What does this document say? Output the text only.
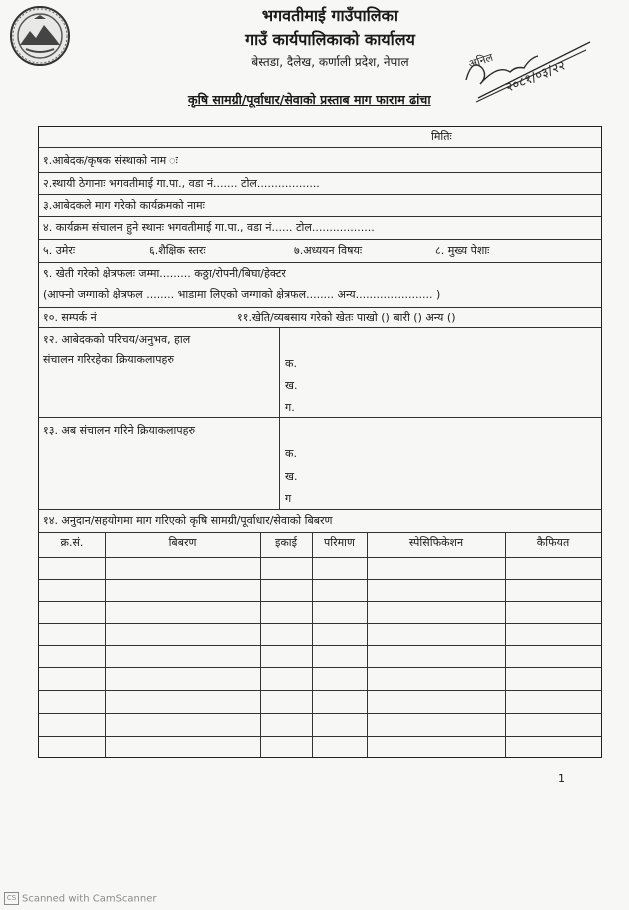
भगवतीमाई गाउँपालिका
गाउँ कार्यपालिकाको कार्यालय
बेस्तडा, दैलेख, कर्णाली प्रदेश, नेपाल
कृषि सामग्री/पूर्वाधार/सेवाको प्रस्ताब माग फाराम ढांचा
२०८१/०३/२२
अनिल
मितिः
१.आबेदक/कृषक संस्थाको नाम ः
२.स्थायी ठेगानाः भगवतीमाई गा.पा., वडा नं....... टोल..................
३.आबेदकले माग गरेको कार्यक्रमको नामः
४. कार्यक्रम संचालन हुने स्थानः भगवतीमाई गा.पा., वडा नं...... टोल..................
५. उमेरः	६.शैक्षिक स्तरः	७.अध्ययन विषयः	८. मुख्य पेशाः
९. खेती गरेको क्षेत्रफलः जम्मा......... कठ्ठा/रोपनी/बिघा/हेक्टर
(आफ्नो जग्गाको क्षेत्रफल ........ भाडामा लिएको जग्गाको क्षेत्रफल........ अन्य...................... )
१०. सम्पर्क नं	११.खेति/व्यबसाय गरेको खेतः पाखो () बारी () अन्य ()
१२. आबेदकको परिचय/अनुभव, हाल
संचालन गरिरहेका क्रियाकलापहरु	क.
ख.
ग.
१३. अब संचालन गरिने क्रियाकलापहरु
क.
ख.
ग
१४. अनुदान/सहयोगमा माग गरिएको कृषि सामग्री/पूर्वाधार/सेवाको बिबरण
क्र.सं.	बिबरण	इकाई	परिमाण	स्पेसिफिकेशन	कैफियत
1
CS Scanned with CamScanner
